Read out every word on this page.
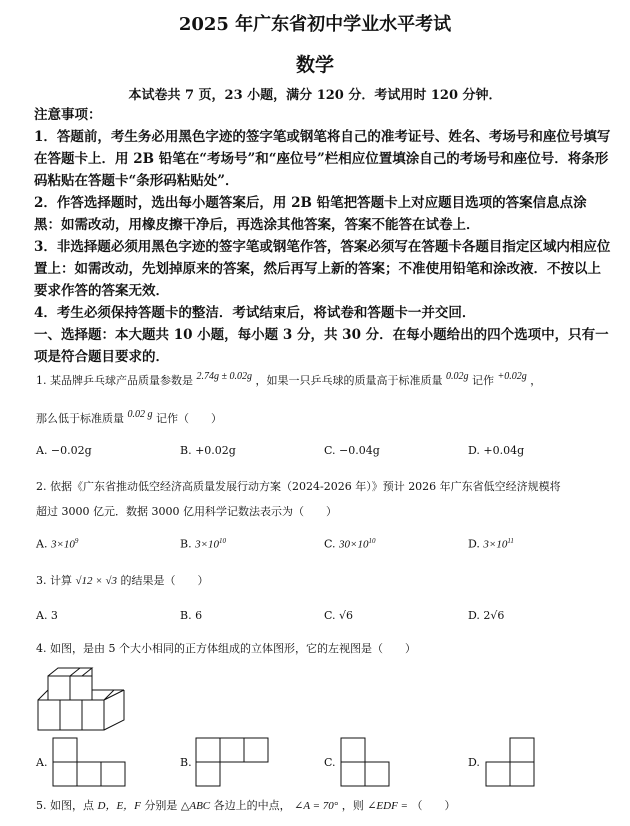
2025 年广东省初中学业水平考试
数学
本试卷共 7 页，23 小题，满分 120 分．考试用时 120 分钟．

注意事项：

1．答题前，考生务必用黑色字迹的签字笔或钢笔将自己的准考证号、姓名、考场号和座位号填写在答题卡上．用 2B 铅笔在“考场号”和“座位号”栏相应位置填涂自己的考场号和座位号．将条形码粘贴在答题卡“条形码粘贴处”．

2．作答选择题时，选出每小题答案后，用 2B 铅笔把答题卡上对应题目选项的答案信息点涂黑：如需改动，用橡皮擦干净后，再选涂其他答案，答案不能答在试卷上．

3．非选择题必须用黑色字迹的签字笔或钢笔作答，答案必须写在答题卡各题目指定区域内相应位置上：如需改动，先划掉原来的答案，然后再写上新的答案；不准使用铅笔和涂改液．不按以上要求作答的答案无效．

4．考生必须保持答题卡的整洁．考试结束后，将试卷和答题卡一并交回．

一、选择题：本大题共 10 小题，每小题 3 分，共 30 分．在每小题给出的四个选项中，只有一项是符合题目要求的．

1. 某品牌乒乓球产品质量参数是 2.74g ± 0.02g ，如果一只乒乓球的质量高于标准质量 0.02g 记作 +0.02g ，
那么低于标准质量 0.02 g 记作（　　）
A. −0.02g	B. +0.02g	C. −0.04g	D. +0.04g
2. 依据《广东省推动低空经济高质量发展行动方案（2024-2026 年）》预计 2026 年广东省低空经济规模将
超过 3000 亿元．数据 3000 亿用科学记数法表示为（　　）
A. $3\times 10^9$	B. $3\times 10^{10}$	C. $30\times 10^{10}$	D. $3\times 10^{11}$
3. 计算 √12 × √3 的结果是（　　）
A. 3	B. 6	C. √6	D. 2√6
4. 如图，是由 5 个大小相同的正方体组成的立体图形，它的左视图是（　　）
A.	B.	C.	D.
5. 如图，点 D，E，F 分别是 △ABC 各边上的中点， ∠A = 70° ，则 ∠EDF = （　　）
